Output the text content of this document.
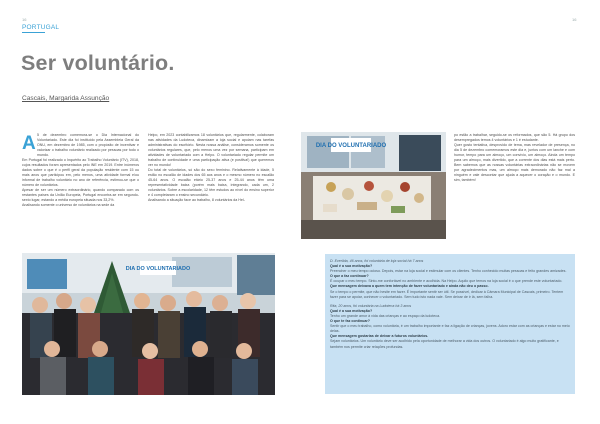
16	16
PORTUGAL
Ser voluntário.
Cascais, Margarida Assunção
A 5 de dezembro comemora-se o Dia Internacional do Voluntariado. Este dia foi instituído pela Assembleia Geral da ONU, em dezembro de 1985, com o propósito de incentivar e valorizar o trabalho voluntário realizado por pessoas por todo o mundo.

Em Portugal foi realizado o Inquérito ao Trabalho Voluntário (ITV), 2018, cujos resultados foram apresentados pelo INE em 2019. Entre inúmeros dados sobre o que é o perfil geral da população residente com 15 ou mais anos que participou em, pelo menos, uma atividade formal e/ou informal de trabalho voluntário no ano de referência, estimou-se que o número de voluntários.

Apesar de ser um número extraordinário, quando comparado com os restantes países da União Europeia, Portugal encontra-se em segundo-sexto lugar, estando a média europeia situada nos 33,2%.

Analisando somente o universo de voluntários na sede da

Helpo, em 2023 contabilizamos 18 voluntários que, regularmente, colaboram nas atividades da Ludoteca, dinamizam a loja social e apoiam nas tarefas administrativas do escritório. Nesta nossa análise, consideramos somente os voluntários regulares, que, pelo menos uma vez por semana, participam em atividades de voluntariado com a Helpo. O voluntariado regular permite um trabalho de continuidade e uma participação ativa (e positiva!) que queremos ver no mundo!

Do total de voluntários, só são do sexo feminino. Relativamente à idade, 5 estão no escalão de idades dos 65 aos anos e o mesmo número no escalão 45-64 anos. O escalão etário 25-37 anos e 25-44 anos têm uma representatividade baixa (porém mais baixa, integrando, cada um, 2 voluntários. Sobre a escolaridade, 12 têm estudos ao nível do ensino superior e 4 completaram o ensino secundário.

Analisando a situação face ao trabalho, 8 voluntários da Hel-

DIA DO VOLUNTARIADO

po estão a trabalhar, seguido-se os reformados, que são 5. Há grupo dos desempregados temos 4 voluntários e 1 é estudante.

Quer gosto tentativa, desprovido de tema, mas revelador de presença, no dia 5 de dezembro comemoramos este dia e, juntos com um lanche e com humor, tempo para um almoço, um convívio, um almoço. Ainda um tempo para um almoço, mais divertido, que a corrente dos dias está mais perto. Bem sabemos que as nossas voluntárias extraordinárias não se movem por agradecimentos mas, um almoço mais demorado não faz mal a ninguém e vale descontar que ajuda a aquecer o coração e o mundo. E sim, também!

DIA DO VOLUNTARIADO

D. Everilda, 46 anos, foi voluntária de loja social há 7 anos

Qual é a sua motivação?

Preencher o meu tempo ocioso. Depois, estar na loja social e estimular com os clientes. Tenho conhecido muitas pessoas e feito grandes amizades.

O que a faz continuar?

É ocupar o meu tempo. Sinto-me confortável no ambiente e acolhida. Na Helpo. Aquilo que temos na loja social é o que prende este voluntariado.

Que mensagem deixava a quem tem intenção de fazer voluntariado e ainda não deu o passo.

Se o tempo o permite, que não hesite em fazer. É importante sentir ser útil. Se possível, dedicar à Câmara Municipal de Cascais, primeiro. Tentem fazer para se apoiar, conhecer o voluntariado. Sem tudo isto nada vale. Sem deixar de ir lá, sem falha.

Rita, 20 anos, foi voluntária na Ludoteca há 3 anos

Qual é a sua motivação?

Tenho um grande amor à vida das crianças e ao espaço da ludoteca.

O que te faz continuar?

Sentir que o meu trabalho, como voluntária, é um trabalho importante e faz a ligação de crianças, jovens. Adoro estar com as crianças e estar no meio delas.

Que mensagem gostarias de deixar a futuros voluntários.

Sejam voluntários. Um voluntário deve ser acolhido pela oportunidade de melhorar a vida dos outros. O voluntariado é algo muito gratificante, e também nos permite criar relações profundas.
